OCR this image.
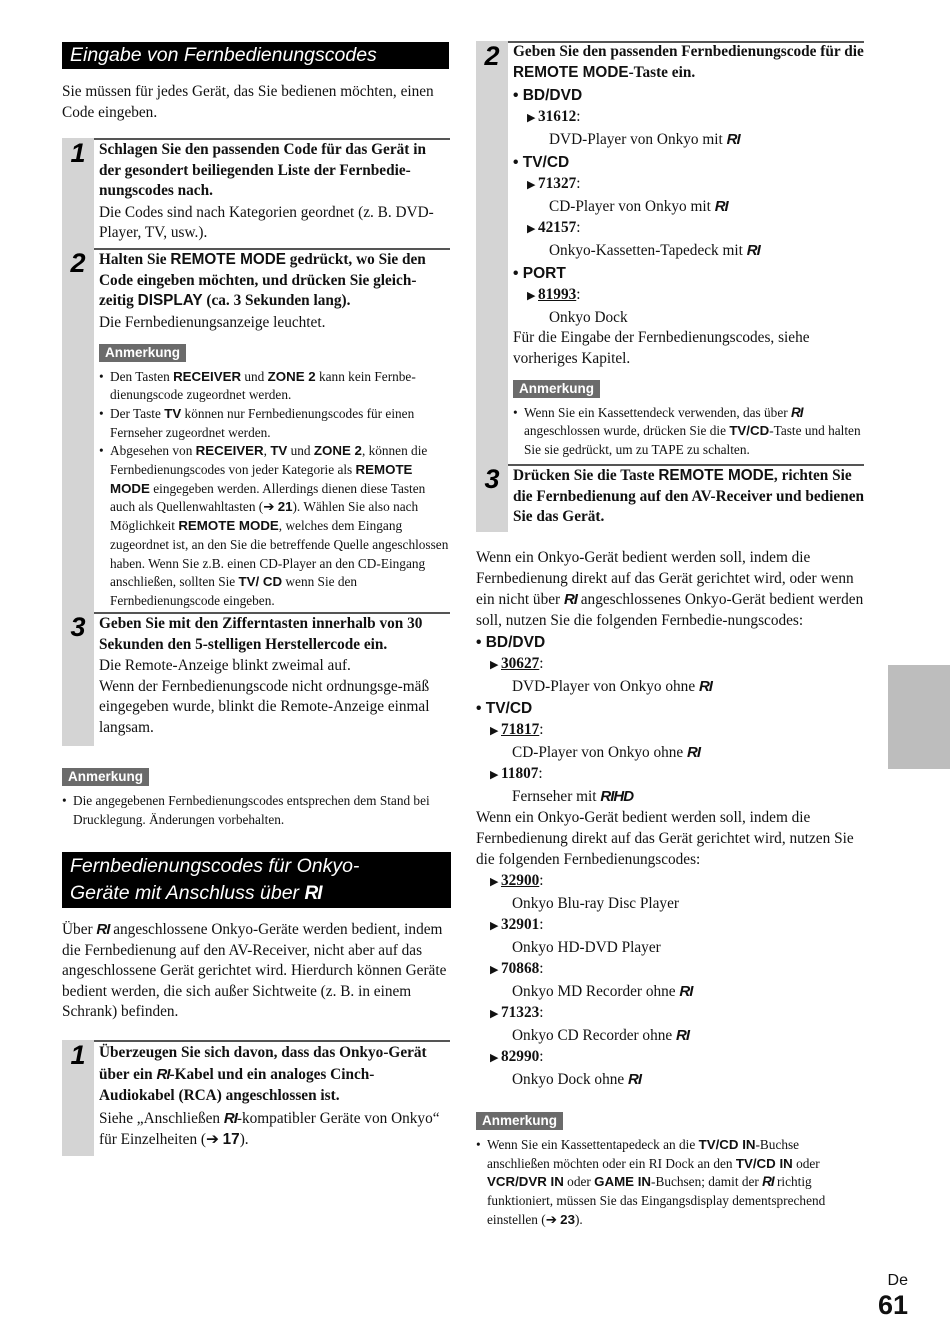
Eingabe von Fernbedienungscodes
Sie müssen für jedes Gerät, das Sie bedienen möchten, einen Code eingeben.
1 Schlagen Sie den passenden Code für das Gerät in der gesondert beiliegenden Liste der Fernbedie-nungscodes nach.
Die Codes sind nach Kategorien geordnet (z. B. DVD-Player, TV, usw.).
2 Halten Sie REMOTE MODE gedrückt, wo Sie den Code eingeben möchten, und drücken Sie gleich-zeitig DISPLAY (ca. 3 Sekunden lang).
Die Fernbedienungsanzeige leuchtet.
Anmerkung
• Den Tasten RECEIVER und ZONE 2 kann kein Fernbe-dienungscode zugeordnet werden.
• Der Taste TV können nur Fernbedienungscodes für einen Fernseher zugeordnet werden.
• Abgesehen von RECEIVER, TV und ZONE 2, können die Fernbedienungscodes von jeder Kategorie als REMOTE MODE eingegeben werden. Allerdings dienen diese Tasten auch als Quellenwahltasten (➔ 21). Wählen Sie also nach Möglichkeit REMOTE MODE, welches dem Eingang zugeordnet ist, an den Sie die betreffende Quelle angeschlossen haben. Wenn Sie z.B. einen CD-Player an den CD-Eingang anschließen, sollten Sie TV/ CD wenn Sie den Fernbedienungscode eingeben.
3 Geben Sie mit den Zifferntasten innerhalb von 30 Sekunden den 5-stelligen Herstellercode ein.
Die Remote-Anzeige blinkt zweimal auf.
Wenn der Fernbedienungscode nicht ordnungsge-mäß eingegeben wurde, blinkt die Remote-Anzeige einmal langsam.
Anmerkung
• Die angegebenen Fernbedienungscodes entsprechen dem Stand bei Drucklegung. Änderungen vorbehalten.
Fernbedienungscodes für Onkyo-
Geräte mit Anschluss über RI
Über RI angeschlossene Onkyo-Geräte werden bedient, indem die Fernbedienung auf den AV-Receiver, nicht aber auf das angeschlossene Gerät gerichtet wird. Hierdurch können Geräte bedient werden, die sich außer Sichtweite (z. B. in einem Schrank) befinden.
1 Überzeugen Sie sich davon, dass das Onkyo-Gerät über ein RI-Kabel und ein analoges Cinch-Audiokabel (RCA) angeschlossen ist.
Siehe „Anschließen RI-kompatibler Geräte von Onkyo“ für Einzelheiten (➔ 17).
2 Geben Sie den passenden Fernbedienungscode für die REMOTE MODE-Taste ein.
• BD/DVD
▶ 31612:
DVD-Player von Onkyo mit RI
• TV/CD
▶ 71327:
CD-Player von Onkyo mit RI
▶ 42157:
Onkyo-Kassetten-Tapedeck mit RI
• PORT
▶ 81993:
Onkyo Dock
Für die Eingabe der Fernbedienungscodes, siehe vorheriges Kapitel.
Anmerkung
• Wenn Sie ein Kassettendeck verwenden, das über RI angeschlossen wurde, drücken Sie die TV/CD-Taste und halten Sie sie gedrückt, um zu TAPE zu schalten.
3 Drücken Sie die Taste REMOTE MODE, richten Sie die Fernbedienung auf den AV-Receiver und bedienen Sie das Gerät.
Wenn ein Onkyo-Gerät bedient werden soll, indem die Fernbedienung direkt auf das Gerät gerichtet wird, oder wenn ein nicht über RI angeschlossenes Onkyo-Gerät bedient werden soll, nutzen Sie die folgenden Fernbedie-nungscodes:
• BD/DVD
▶ 30627:
DVD-Player von Onkyo ohne RI
• TV/CD
▶ 71817:
CD-Player von Onkyo ohne RI
▶ 11807:
Fernseher mit RIHD
Wenn ein Onkyo-Gerät bedient werden soll, indem die Fernbedienung direkt auf das Gerät gerichtet wird, nutzen Sie die folgenden Fernbedienungscodes:
▶ 32900:
Onkyo Blu-ray Disc Player
▶ 32901:
Onkyo HD-DVD Player
▶ 70868:
Onkyo MD Recorder ohne RI
▶ 71323:
Onkyo CD Recorder ohne RI
▶ 82990:
Onkyo Dock ohne RI
Anmerkung
• Wenn Sie ein Kassettentapedeck an die TV/CD IN-Buchse anschließen möchten oder ein RI Dock an den TV/CD IN oder VCR/DVR IN oder GAME IN-Buchsen; damit der RI richtig funktioniert, müssen Sie das Eingangsdisplay dementsprechend einstellen (➔ 23).
De
61
